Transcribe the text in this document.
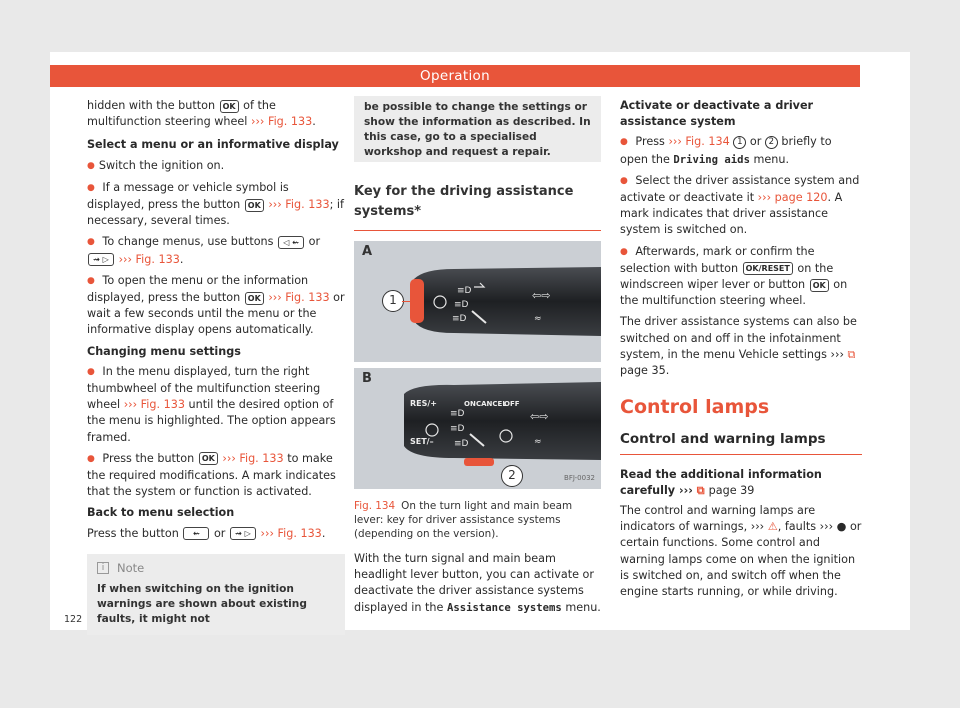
Operation

hidden with the button OK of the multifunction steering wheel ››› Fig. 133.

Select a menu or an informative display
● Switch the ignition on.
● If a message or vehicle symbol is displayed, press the button OK ››› Fig. 133; if necessary, several times.
● To change menus, use buttons ◁ ⇜ or ⇝ ▷ ››› Fig. 133.
● To open the menu or the information displayed, press the button OK ››› Fig. 133 or wait a few seconds until the menu or the informative display opens automatically.
Changing menu settings
● In the menu displayed, turn the right thumbwheel of the multifunction steering wheel ››› Fig. 133 until the desired option of the menu is highlighted. The option appears framed.
● Press the button OK ››› Fig. 133 to make the required modifications. A mark indicates that the system or function is activated.
Back to menu selection

Press the button ⇜ or ⇝ ▷ ››› Fig. 133.

i	Note
If when switching on the ignition warnings are shown about existing faults, it might not
be possible to change the settings or show the information as described. In this case, go to a specialised workshop and request a repair.
Key for the driving assistance systems*
≡D
≡D
≡D
⇦⇨
≈
A
1
≡D
≡D
≡D
⇦⇨
≈
B
RES/+
SET/–
ON CANCEL
OFF
2	BFJ-0032
Fig. 134 On the turn light and main beam lever: key for driver assistance systems (depending on the version).

With the turn signal and main beam headlight lever button, you can activate or deactivate the driver assistance systems displayed in the Assistance systems menu.

Activate or deactivate a driver assistance system
● Press ››› Fig. 134 1 or 2 briefly to open the Driving aids menu.
● Select the driver assistance system and activate or deactivate it ››› page 120. A mark indicates that driver assistance system is switched on.
● Afterwards, mark or confirm the selection with button OK/RESET on the windscreen wiper lever or button OK on the multifunction steering wheel.

The driver assistance systems can also be switched on and off in the infotainment system, in the menu Vehicle settings ››› ⧉ page 35.

Control lamps
Control and warning lamps
Read the additional information carefully ››› ⧉ page 39

The control and warning lamps are indicators of warnings, ››› ⚠, faults ››› ● or certain functions. Some control and warning lamps come on when the ignition is switched on, and switch off when the engine starts running, or while driving.

122
